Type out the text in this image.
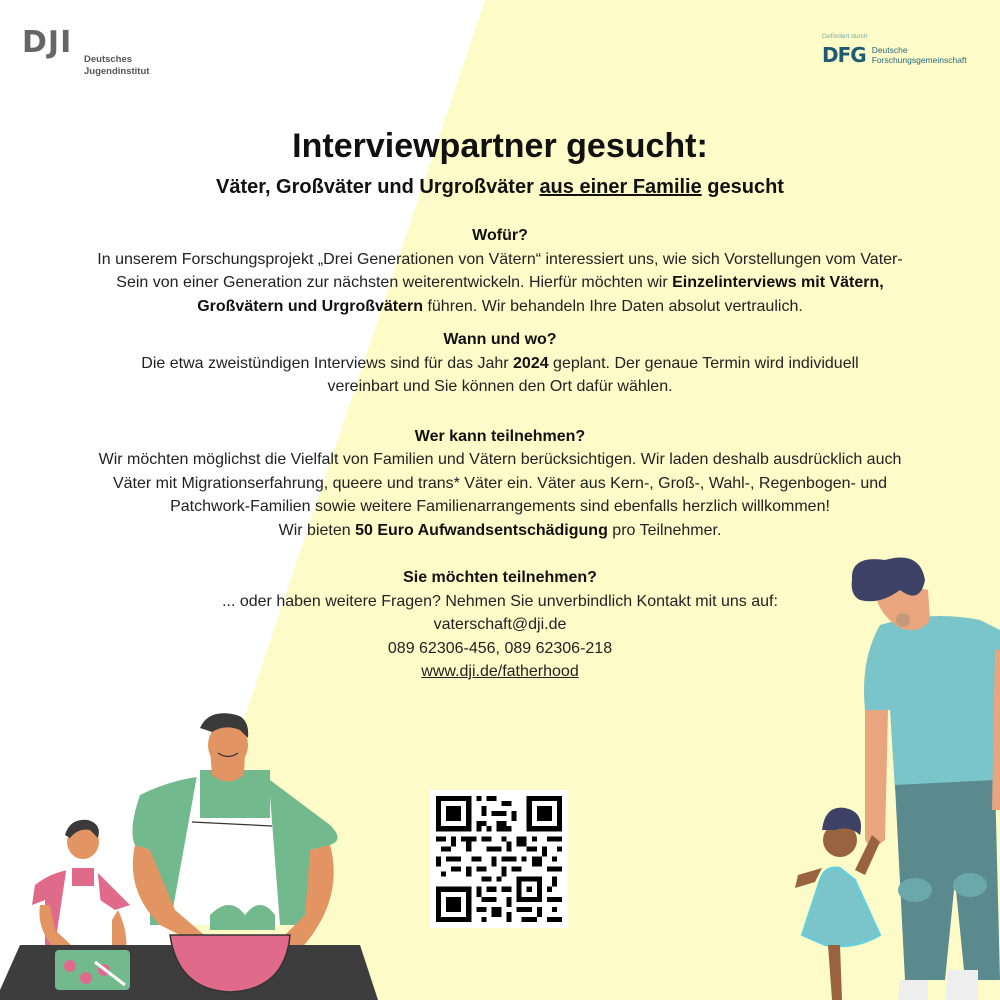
DJI Deutsches
Jugendinstitut
Gefördert durch
DFG Deutsche
Forschungsgemeinschaft
Interviewpartner gesucht:
Väter, Großväter und Urgroßväter aus einer Familie gesucht
Wofür?
In unserem Forschungsprojekt „Drei Generationen von Vätern“ interessiert uns, wie sich Vorstellungen vom Vater-Sein von einer Generation zur nächsten weiterentwickeln. Hierfür möchten wir Einzelinterviews mit Vätern, Großvätern und Urgroßvätern führen. Wir behandeln Ihre Daten absolut vertraulich.
Wann und wo?
Die etwa zweistündigen Interviews sind für das Jahr 2024 geplant. Der genaue Termin wird individuell vereinbart und Sie können den Ort dafür wählen.
Wer kann teilnehmen?
Wir möchten möglichst die Vielfalt von Familien und Vätern berücksichtigen. Wir laden deshalb ausdrücklich auch Väter mit Migrationserfahrung, queere und trans* Väter ein. Väter aus Kern-, Groß-, Wahl-, Regenbogen- und Patchwork-Familien sowie weitere Familienarrangements sind ebenfalls herzlich willkommen!
Wir bieten 50 Euro Aufwandsentschädigung pro Teilnehmer.
Sie möchten teilnehmen?
... oder haben weitere Fragen? Nehmen Sie unverbindlich Kontakt mit uns auf:
vaterschaft@dji.de
089 62306-456, 089 62306-218
www.dji.de/fatherhood
